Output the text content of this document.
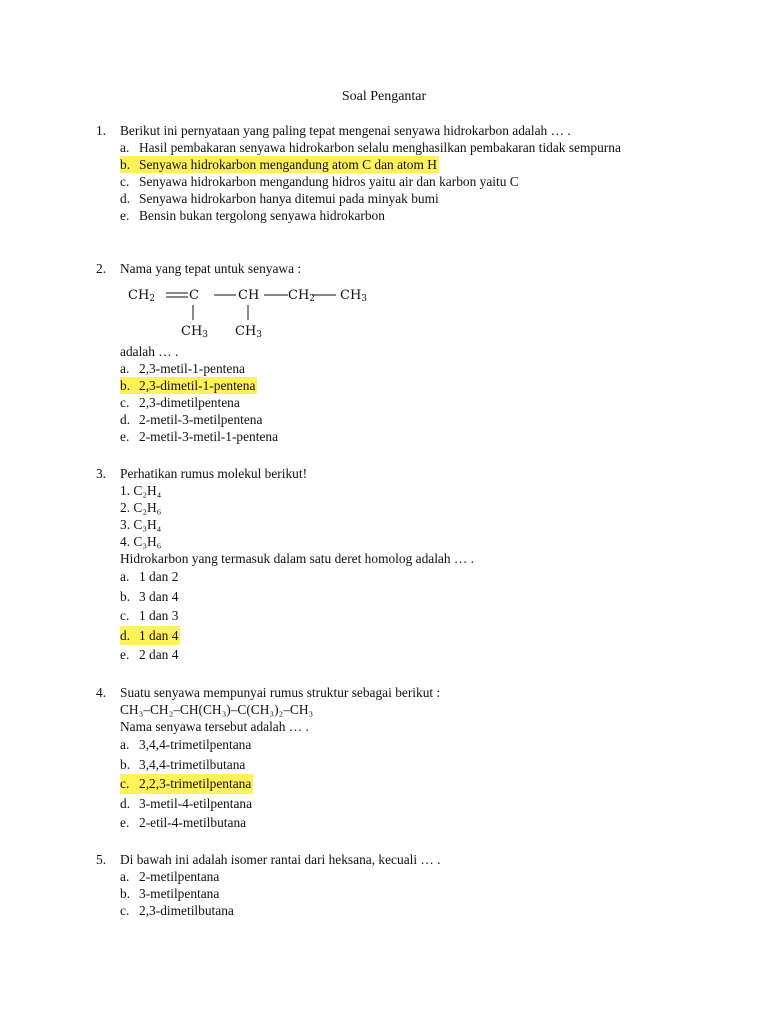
Soal Pengantar
1. Berikut ini pernyataan yang paling tepat mengenai senyawa hidrokarbon adalah … .
a. Hasil pembakaran senyawa hidrokarbon selalu menghasilkan pembakaran tidak sempurna
b. Senyawa hidrokarbon mengandung atom C dan atom H
c. Senyawa hidrokarbon mengandung hidros yaitu air dan karbon yaitu C
d. Senyawa hidrokarbon hanya ditemui pada minyak bumi
e. Bensin bukan tergolong senyawa hidrokarbon
2. Nama yang tepat untuk senyawa :
$CH_2$	C	CH $CH_2$ $CH_3$
$CH_3$ $CH_3$
adalah … .
a. 2,3-metil-1-pentena
b. 2,3-dimetil-1-pentena
c. 2,3-dimetilpentena
d. 2-metil-3-metilpentena
e. 2-metil-3-metil-1-pentena
3. Perhatikan rumus molekul berikut!
1. C₂H₄
2. C₂H₆
3. C₃H₄
4. C₃H₆
Hidrokarbon yang termasuk dalam satu deret homolog adalah … .
a. 1 dan 2
b. 3 dan 4
c. 1 dan 3
d. 1 dan 4
e. 2 dan 4
4. Suatu senyawa mempunyai rumus struktur sebagai berikut :
CH₃–CH₂–CH(CH₃)–C(CH₃)₂–CH₃
Nama senyawa tersebut adalah … .
a. 3,4,4-trimetilpentana
b. 3,4,4-trimetilbutana
c. 2,2,3-trimetilpentana
d. 3-metil-4-etilpentana
e. 2-etil-4-metilbutana
5. Di bawah ini adalah isomer rantai dari heksana, kecuali … .
a. 2-metilpentana
b. 3-metilpentana
c. 2,3-dimetilbutana
